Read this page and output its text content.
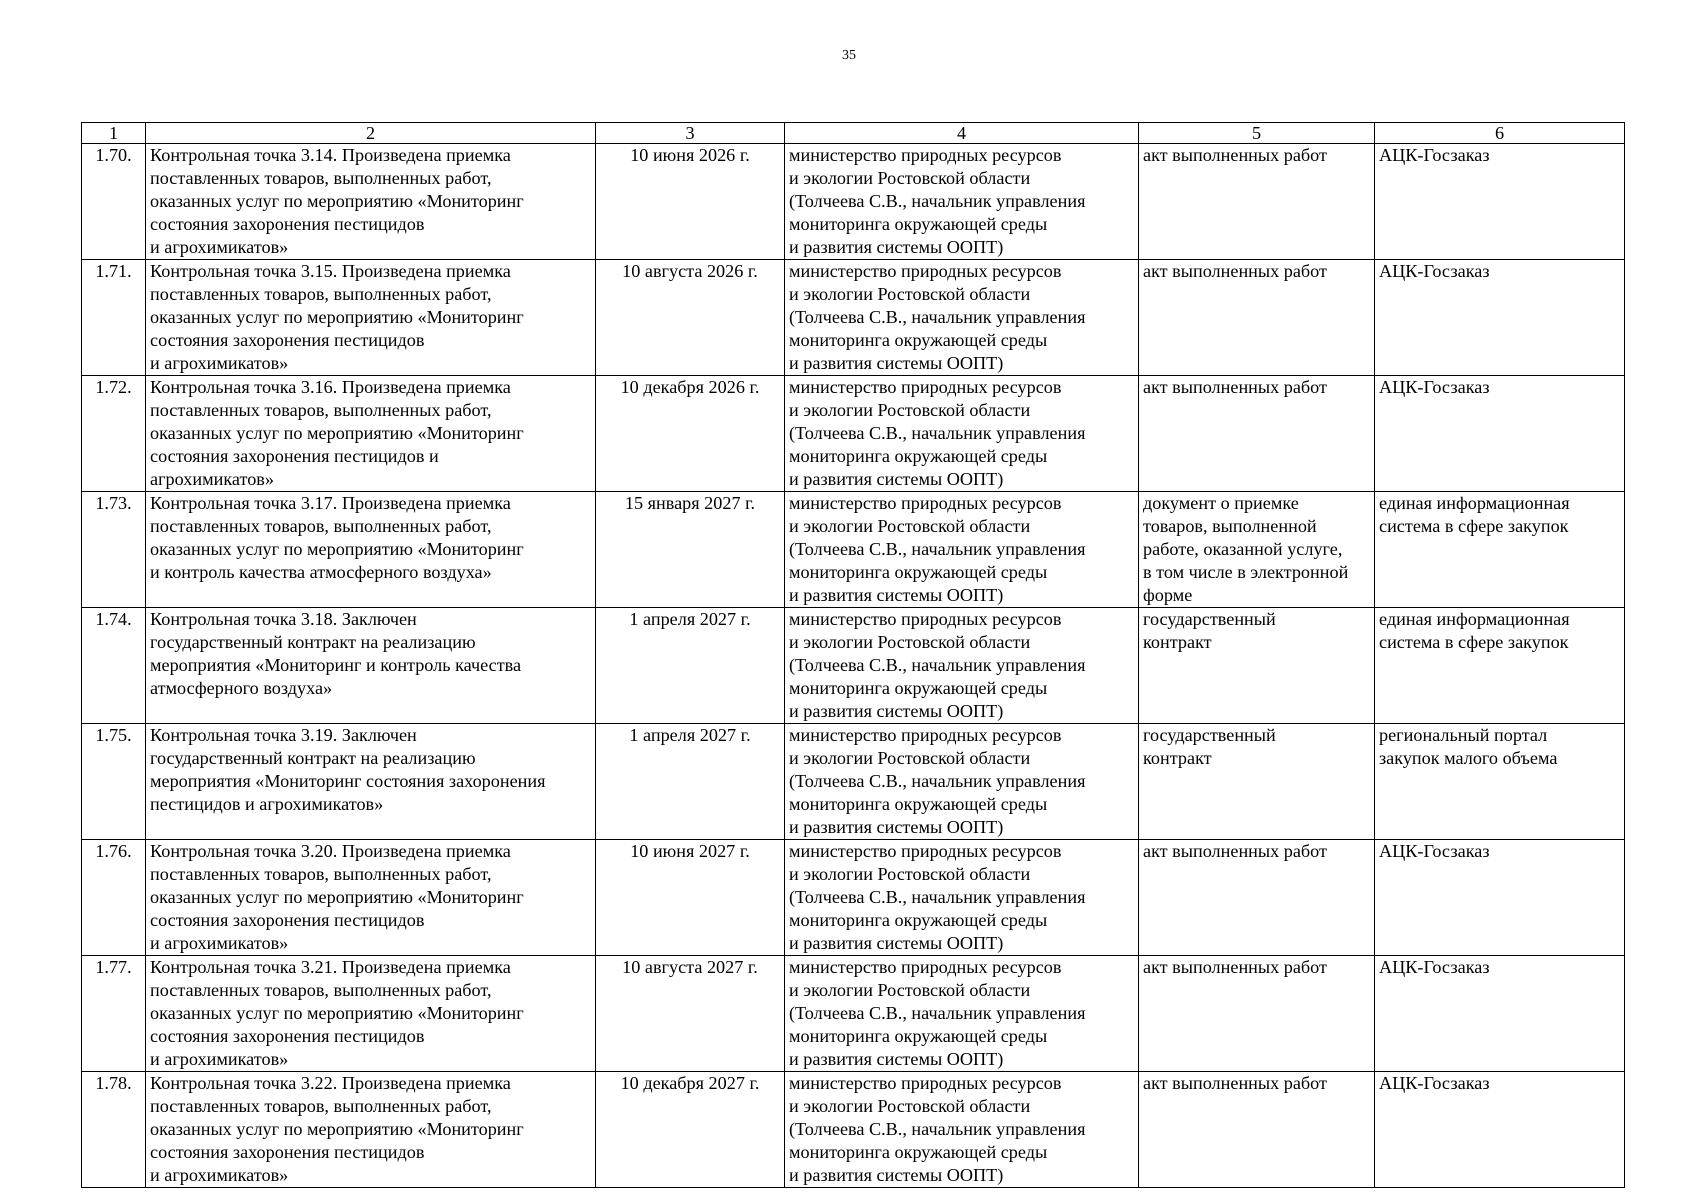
35
1	2	3	4	5	6
1.70.	Контрольная точка 3.14. Произведена приемка
поставленных товаров, выполненных работ,
оказанных услуг по мероприятию «Мониторинг
состояния захоронения пестицидов
и агрохимикатов»	10 июня 2026 г.	министерство природных ресурсов
и экологии Ростовской области
(Толчеева С.В., начальник управления
мониторинга окружающей среды
и развития системы ООПТ)	акт выполненных работ	АЦК-Госзаказ
1.71.	Контрольная точка 3.15. Произведена приемка
поставленных товаров, выполненных работ,
оказанных услуг по мероприятию «Мониторинг
состояния захоронения пестицидов
и агрохимикатов»	10 августа 2026 г.	министерство природных ресурсов
и экологии Ростовской области
(Толчеева С.В., начальник управления
мониторинга окружающей среды
и развития системы ООПТ)	акт выполненных работ	АЦК-Госзаказ
1.72.	Контрольная точка 3.16. Произведена приемка
поставленных товаров, выполненных работ,
оказанных услуг по мероприятию «Мониторинг
состояния захоронения пестицидов и
агрохимикатов»	10 декабря 2026 г.	министерство природных ресурсов
и экологии Ростовской области
(Толчеева С.В., начальник управления
мониторинга окружающей среды
и развития системы ООПТ)	акт выполненных работ	АЦК-Госзаказ
1.73.	Контрольная точка 3.17. Произведена приемка
поставленных товаров, выполненных работ,
оказанных услуг по мероприятию «Мониторинг
и контроль качества атмосферного воздуха»	15 января 2027 г.	министерство природных ресурсов
и экологии Ростовской области
(Толчеева С.В., начальник управления
мониторинга окружающей среды
и развития системы ООПТ)	документ о приемке
товаров, выполненной
работе, оказанной услуге,
в том числе в электронной
форме	единая информационная
система в сфере закупок
1.74.	Контрольная точка 3.18. Заключен
государственный контракт на реализацию
мероприятия «Мониторинг и контроль качества
атмосферного воздуха»	1 апреля 2027 г.	министерство природных ресурсов
и экологии Ростовской области
(Толчеева С.В., начальник управления
мониторинга окружающей среды
и развития системы ООПТ)	государственный
контракт	единая информационная
система в сфере закупок
1.75.	Контрольная точка 3.19. Заключен
государственный контракт на реализацию
мероприятия «Мониторинг состояния захоронения
пестицидов и агрохимикатов»	1 апреля 2027 г.	министерство природных ресурсов
и экологии Ростовской области
(Толчеева С.В., начальник управления
мониторинга окружающей среды
и развития системы ООПТ)	государственный
контракт	региональный портал
закупок малого объема
1.76.	Контрольная точка 3.20. Произведена приемка
поставленных товаров, выполненных работ,
оказанных услуг по мероприятию «Мониторинг
состояния захоронения пестицидов
и агрохимикатов»	10 июня 2027 г.	министерство природных ресурсов
и экологии Ростовской области
(Толчеева С.В., начальник управления
мониторинга окружающей среды
и развития системы ООПТ)	акт выполненных работ	АЦК-Госзаказ
1.77.	Контрольная точка 3.21. Произведена приемка
поставленных товаров, выполненных работ,
оказанных услуг по мероприятию «Мониторинг
состояния захоронения пестицидов
и агрохимикатов»	10 августа 2027 г.	министерство природных ресурсов
и экологии Ростовской области
(Толчеева С.В., начальник управления
мониторинга окружающей среды
и развития системы ООПТ)	акт выполненных работ	АЦК-Госзаказ
1.78.	Контрольная точка 3.22. Произведена приемка
поставленных товаров, выполненных работ,
оказанных услуг по мероприятию «Мониторинг
состояния захоронения пестицидов
и агрохимикатов»	10 декабря 2027 г.	министерство природных ресурсов
и экологии Ростовской области
(Толчеева С.В., начальник управления
мониторинга окружающей среды
и развития системы ООПТ)	акт выполненных работ	АЦК-Госзаказ
